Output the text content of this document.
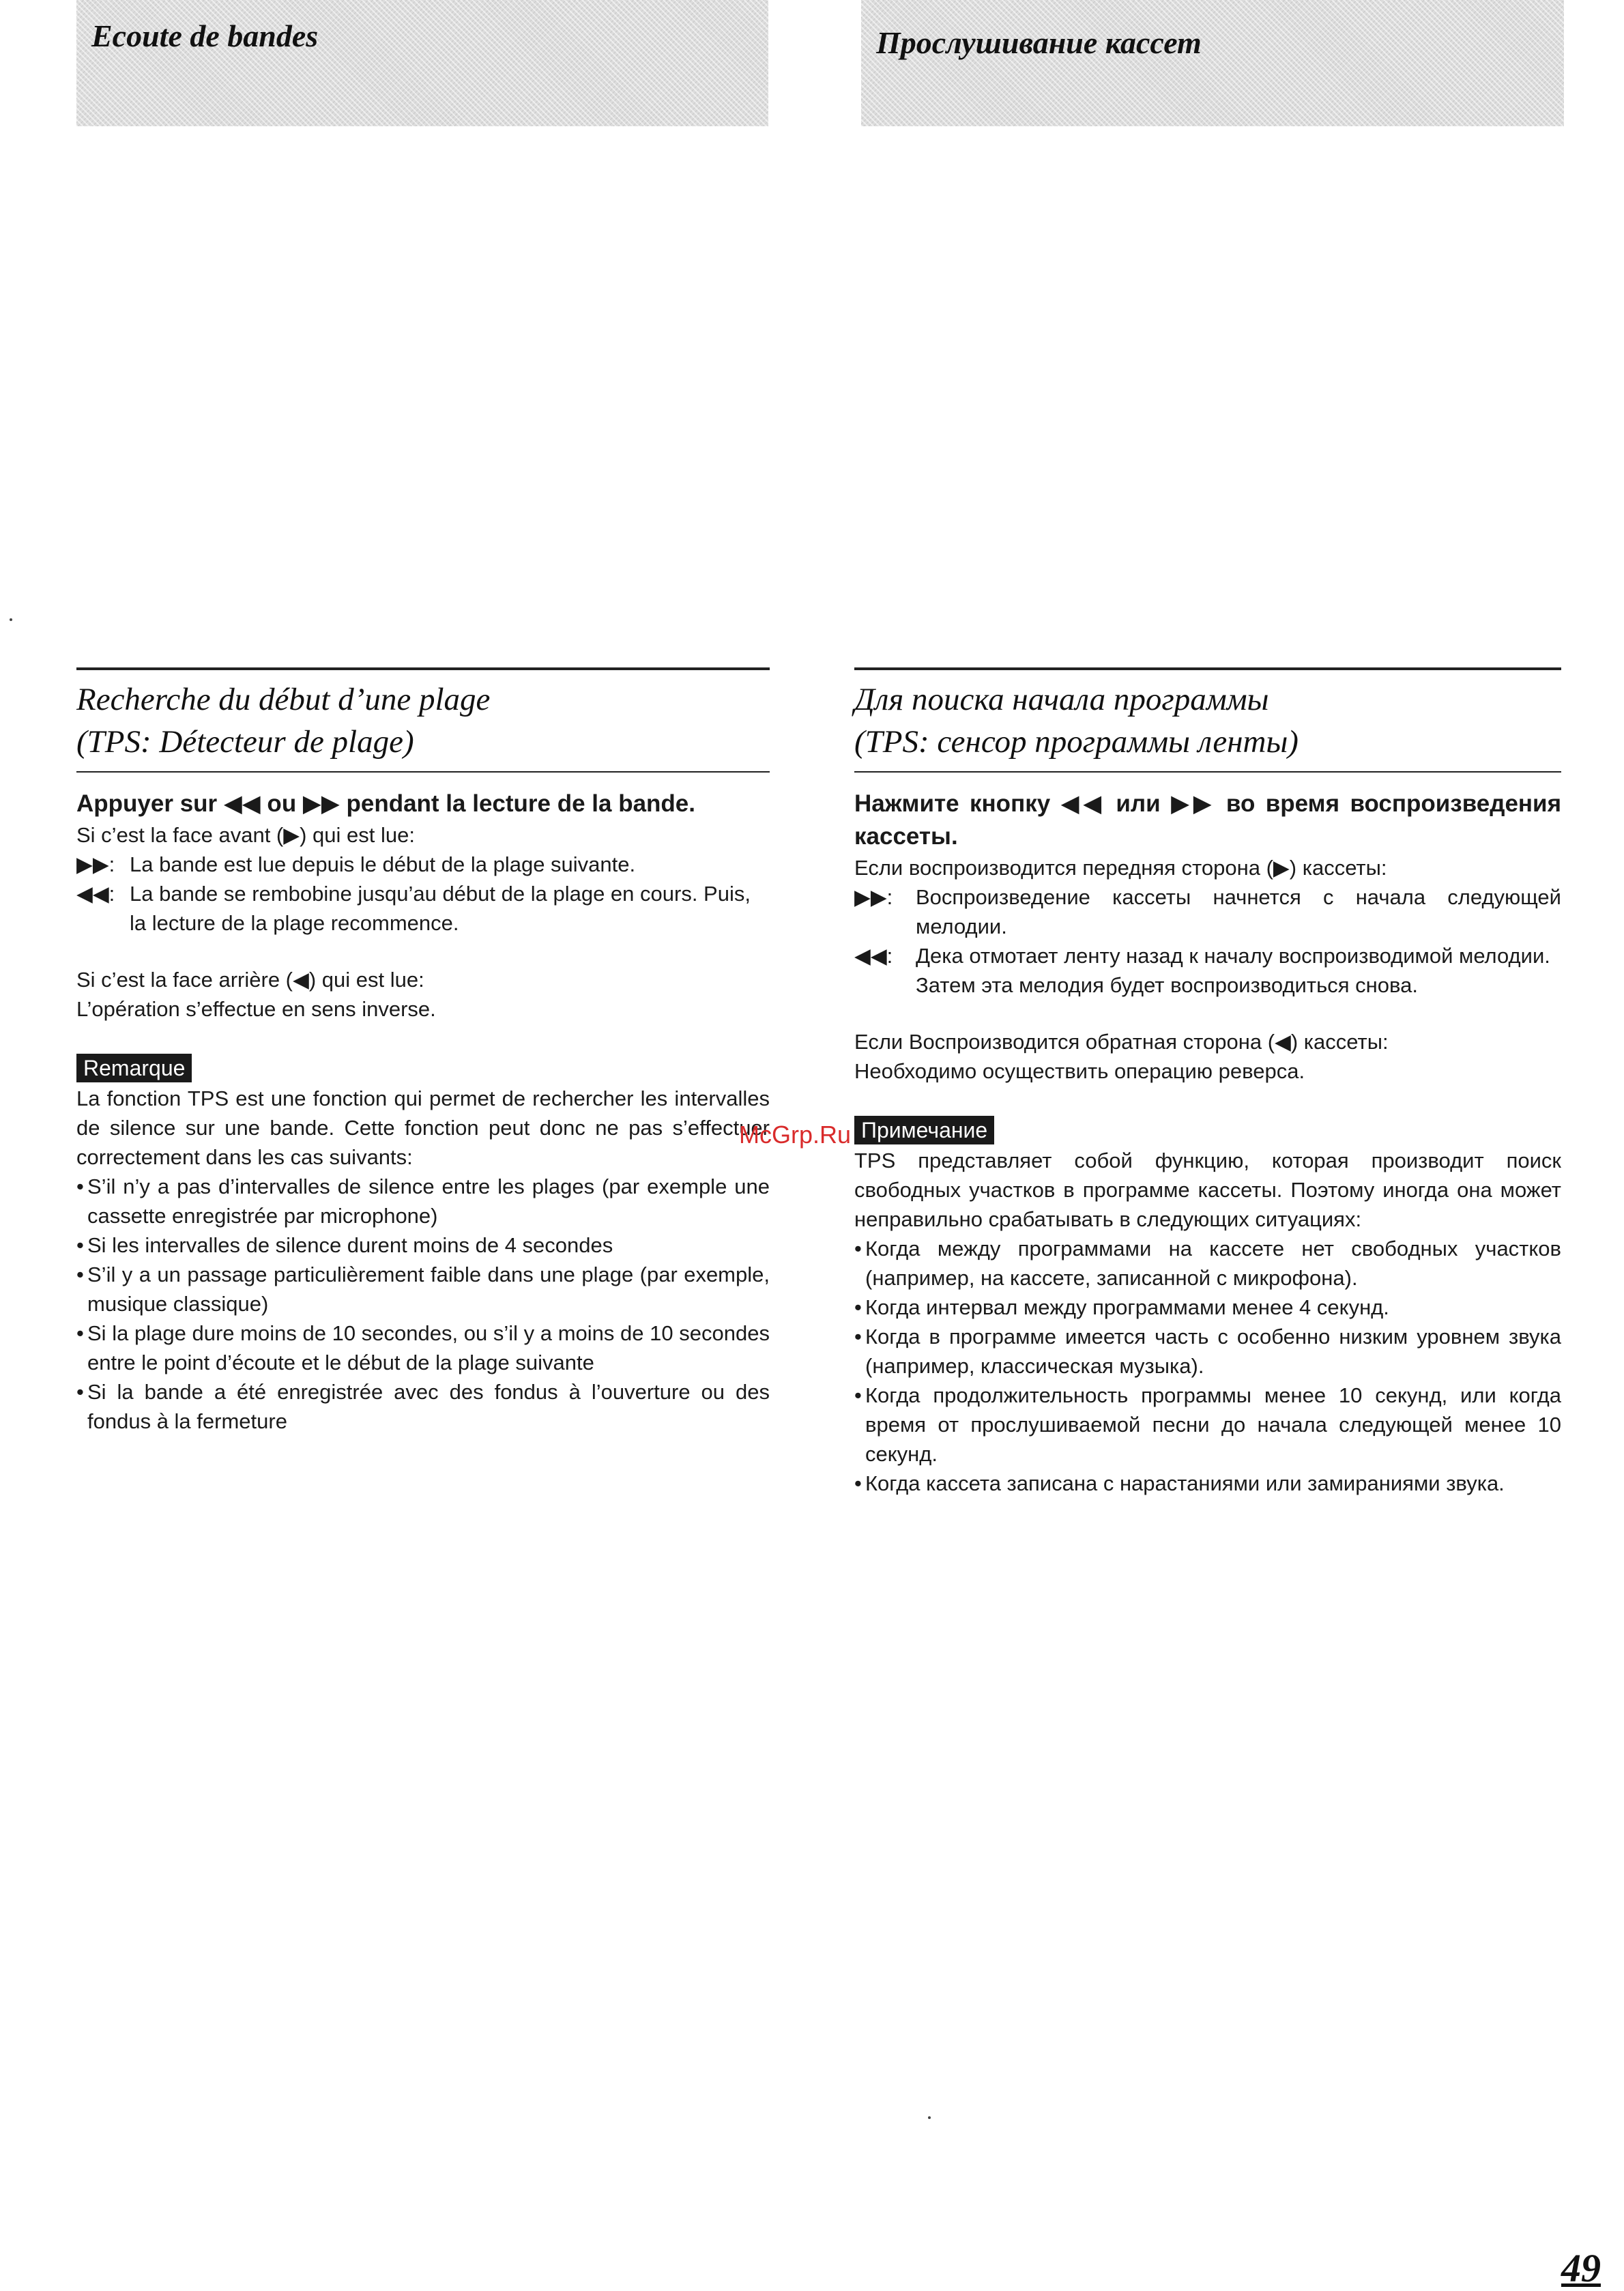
Ecoute de bandes	Прослушивание кассет
Recherche du début d’une plage
(TPS: Détecteur de plage)
Appuyer sur ◀◀ ou ▶▶ pendant la lecture de la bande.
Si c’est la face avant (▶) qui est lue:
▶▶: La bande est lue depuis le début de la plage suivante.
◀◀: La bande se rembobine jusqu’au début de la plage en cours. Puis, la lecture de la plage recommence.
Si c’est la face arrière (◀) qui est lue:
L’opération s’effectue en sens inverse.
Remarque
La fonction TPS est une fonction qui permet de rechercher les intervalles de silence sur une bande. Cette fonction peut donc ne pas s’effectuer correctement dans les cas suivants:
• S’il n’y a pas d’intervalles de silence entre les plages (par exemple une cassette enregistrée par microphone)
• Si les intervalles de silence durent moins de 4 secondes
• S’il y a un passage particulièrement faible dans une plage (par exemple, musique classique)
• Si la plage dure moins de 10 secondes, ou s’il y a moins de 10 secondes entre le point d’écoute et le début de la plage suivante
• Si la bande a été enregistrée avec des fondus à l’ouverture ou des fondus à la fermeture
Для поиска начала программы
(TPS: сенсор программы ленты)
Нажмите кнопку ◀◀ или ▶▶ во время воспроизведения кассеты.
Если воспроизводится передняя сторона (▶) кассеты:
▶▶:	Воспроизведение кассеты начнется с начала следующей мелодии.
◀◀:	Дека отмотает ленту назад к началу воспроизводимой мелодии.
Затем эта мелодия будет воспроизводиться снова.
Если Воспроизводится обратная сторона (◀) кассеты:
Необходимо осуществить операцию реверса.
Примечание
TPS представляет собой функцию, которая производит поиск свободных участков в программе кассеты. Поэтому иногда она может неправильно срабатывать в следующих ситуациях:
• Когда между программами на кассете нет свободных участков (например, на кассете, записанной с микрофона).
• Когда интервал между программами менее 4 секунд.
• Когда в программе имеется часть с особенно низким уровнем звука (например, классическая музыка).
• Когда продолжительность программы менее 10 секунд, или когда время от прослушиваемой песни до начала следующей менее 10 секунд.
• Когда кассета записана с нарастаниями или замираниями звука.
McGrp.Ru
49
